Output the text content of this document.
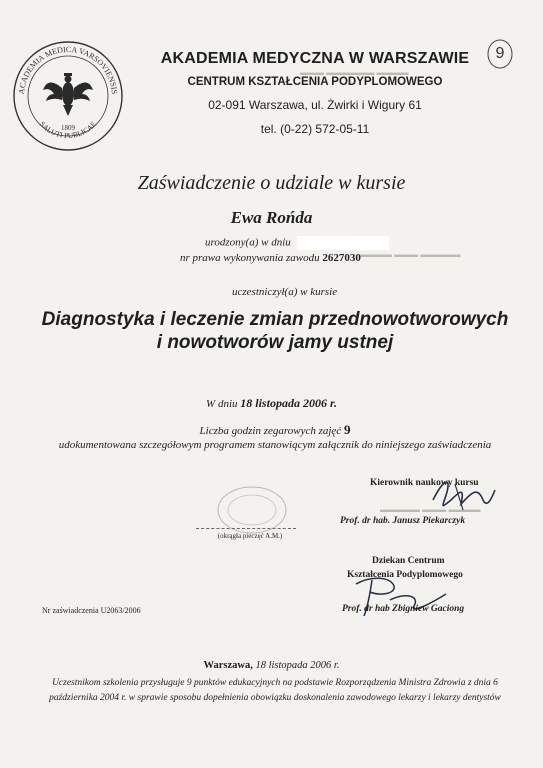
ACADEMIA MEDICA VARSOVIENSIS
SALUTI PUBLICAE
1809
9
▬▬▬ ▬▬▬▬▬▬ ▬▬▬▬
▬▬▬▬ ▬▬▬ ▬▬▬▬▬
▬▬▬▬▬ ▬▬▬ ▬▬▬▬
AKADEMIA MEDYCZNA W WARSZAWIE
CENTRUM KSZTAŁCENIA PODYPLOMOWEGO
02-091 Warszawa, ul. Żwirki i Wigury 61
tel. (0-22) 572-05-11
Zaświadczenie o udziale w kursie
Ewa Rońda
urodzony(a) w dniu
nr prawa wykonywania zawodu 2627030
uczestniczył(a) w kursie
Diagnostyka i leczenie zmian przednowotworowych i nowotworów jamy ustnej
W dniu 18 listopada 2006 r.
Liczba godzin zegarowych zajęć 9
udokumentowana szczegółowym programem stanowiącym załącznik do niniejszego zaświadczenia
(okrągła pieczęć A.M.)
Kierownik naukowy kursu
Prof. dr hab. Janusz Piekarczyk
Dziekan Centrum
Kształcenia Podyplomowego
Prof. dr hab Zbigniew Gaciong
Nr zaświadczenia U2063/2006
Warszawa, 18 listopada 2006 r.
Uczestnikom szkolenia przysługuje 9 punktów edukacyjnych na podstawie Rozporządzenia Ministra Zdrowia z dnia 6 października 2004 r. w sprawie sposobu dopełnienia obowiązku doskonalenia zawodowego lekarzy i lekarzy dentystów
